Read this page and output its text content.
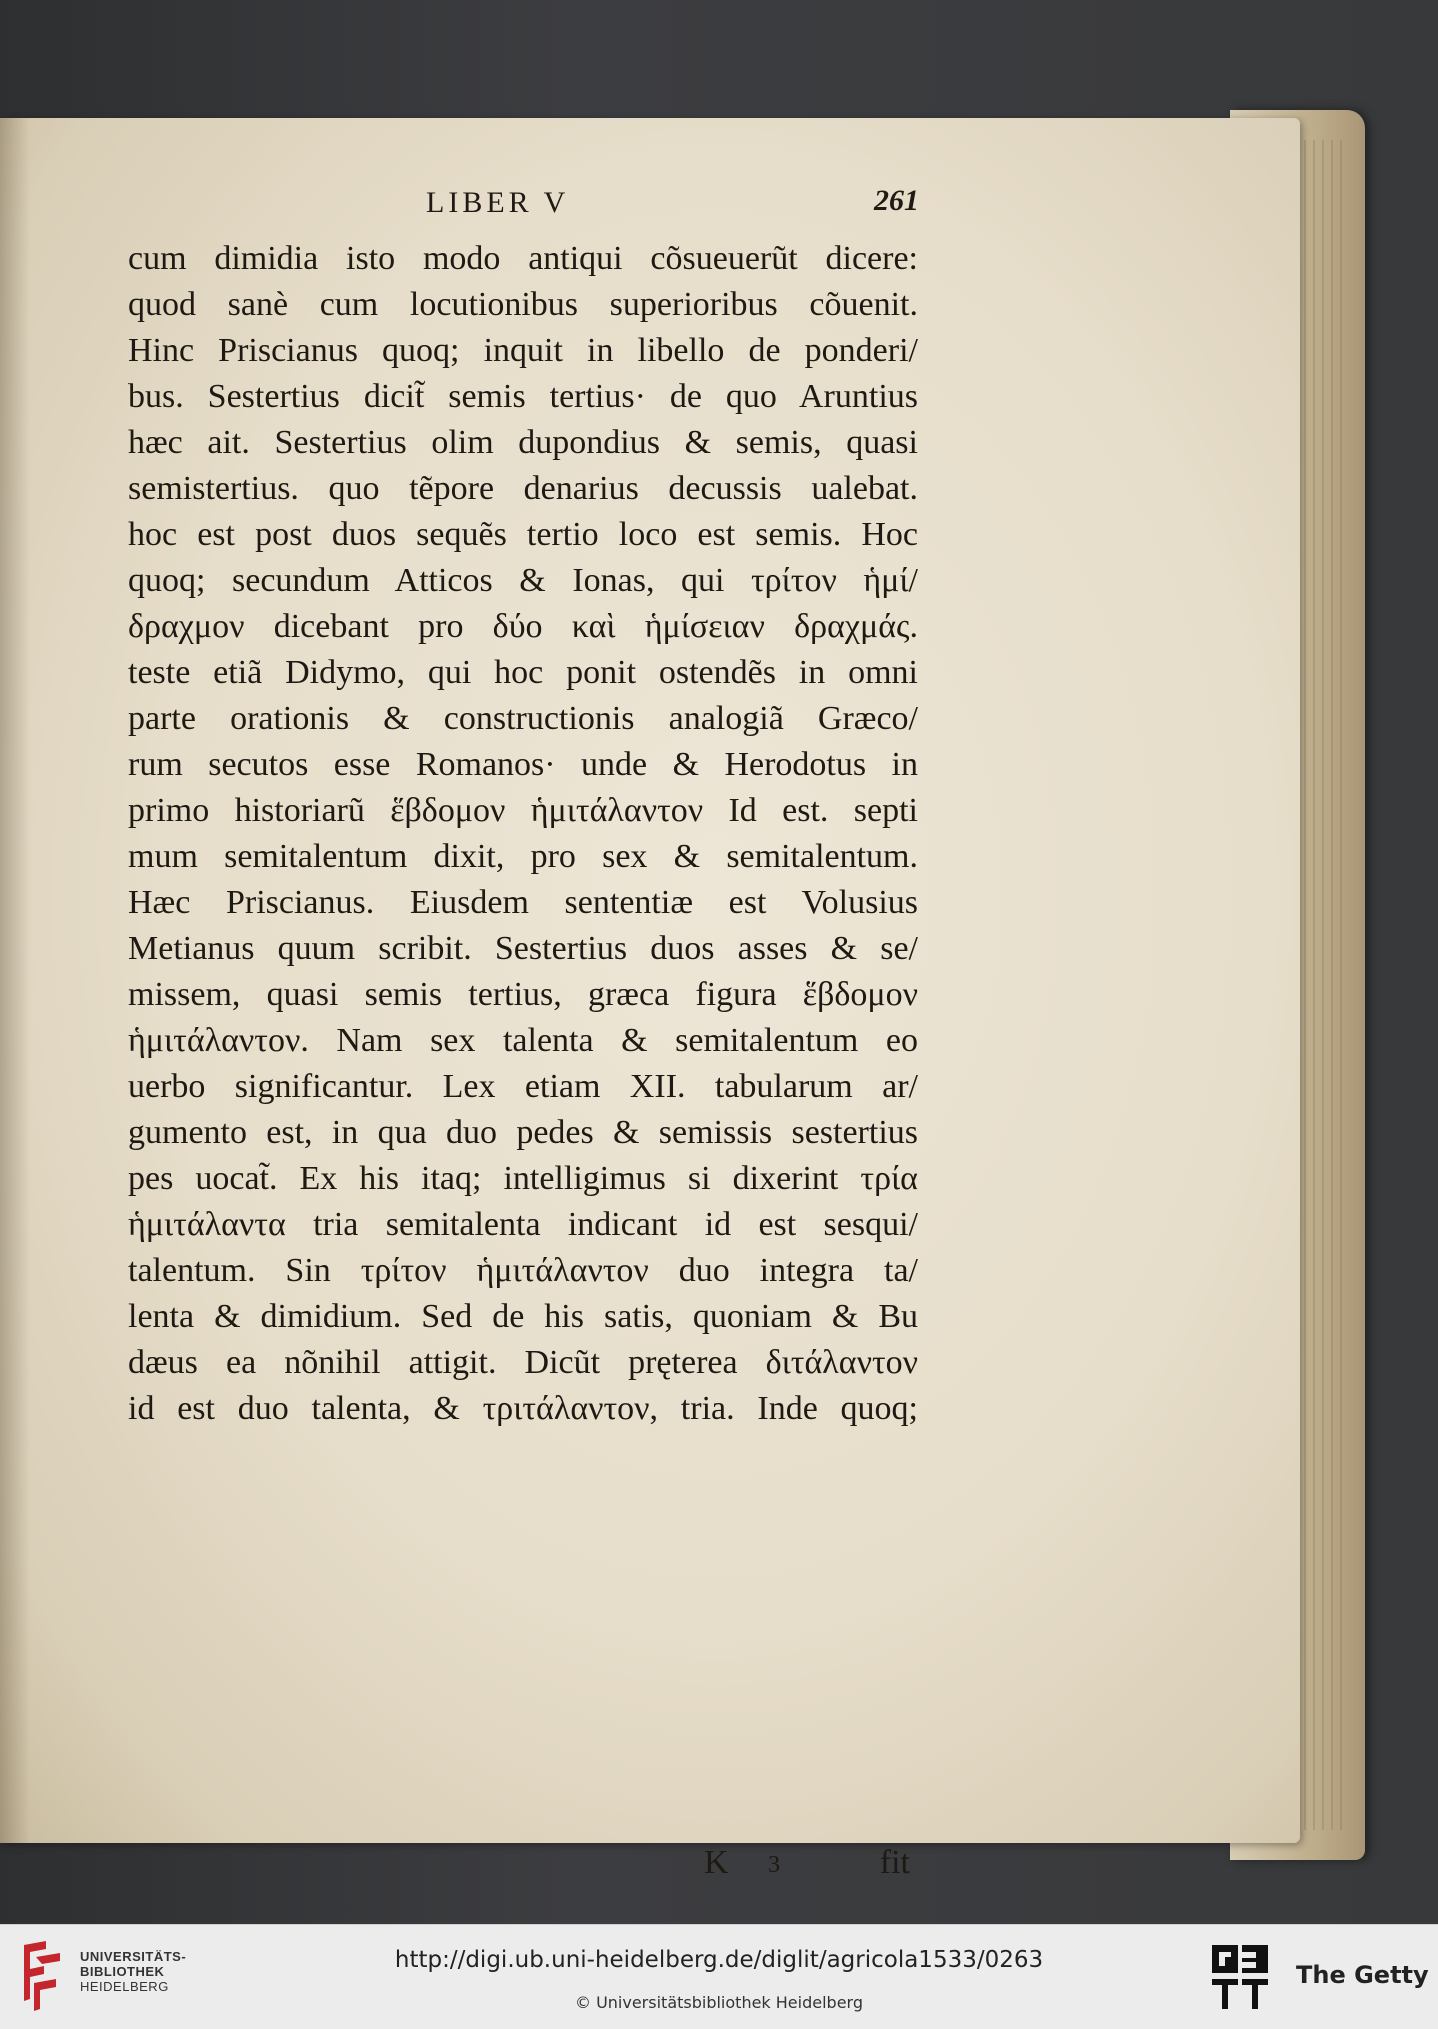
LIBER V	261
cum dimidia isto modo antiqui cõsueuerũt dicere:
quod sanè cum locutionibus superioribus cõuenit.
Hinc Priscianus quoq; inquit in libello de ponderi/
bus. Sestertius dicit̃ semis tertius· de quo Aruntius
hæc ait. Sestertius olim dupondius & semis, quasi
semistertius. quo tẽpore denarius decussis ualebat.
hoc est post duos sequẽs tertio loco est semis. Hoc
quoq; secundum Atticos & Ionas, qui τρίτον ἡμί/
δραχμον dicebant pro δύο καὶ ἡμίσειαν δραχμάς.
teste etiã Didymo, qui hoc ponit ostendẽs in omni
parte orationis & constructionis analogiã Græco/
rum secutos esse Romanos· unde & Herodotus in
primo historiarũ ἕβδομον ἡμιτάλαντον Id est. septi
mum semitalentum dixit, pro sex & semitalentum.
Hæc Priscianus. Eiusdem sententiæ est Volusius
Metianus quum scribit. Sestertius duos asses & se/
missem, quasi semis tertius, græca figura ἕβδομον
ἡμιτάλαντον. Nam sex talenta & semitalentum eo
uerbo significantur. Lex etiam XII. tabularum ar/
gumento est, in qua duo pedes & semissis sestertius
pes uocat̃. Ex his itaq; intelligimus si dixerint τρία
ἡμιτάλαντα tria semitalenta indicant id est sesqui/
talentum. Sin τρίτον ἡμιτάλαντον duo integra ta/
lenta & dimidium. Sed de his satis, quoniam & Bu
dæus ea nõnihil attigit. Dicũt pręterea διτάλαντον
id est duo talenta, & τριτάλαντον, tria. Inde quoq;
K 3	fit
UNIVERSITÄTS-
BIBLIOTHEK
HEIDELBERG
http://digi.ub.uni-heidelberg.de/diglit/agricola1533/0263
© Universitätsbibliothek Heidelberg
The Getty
